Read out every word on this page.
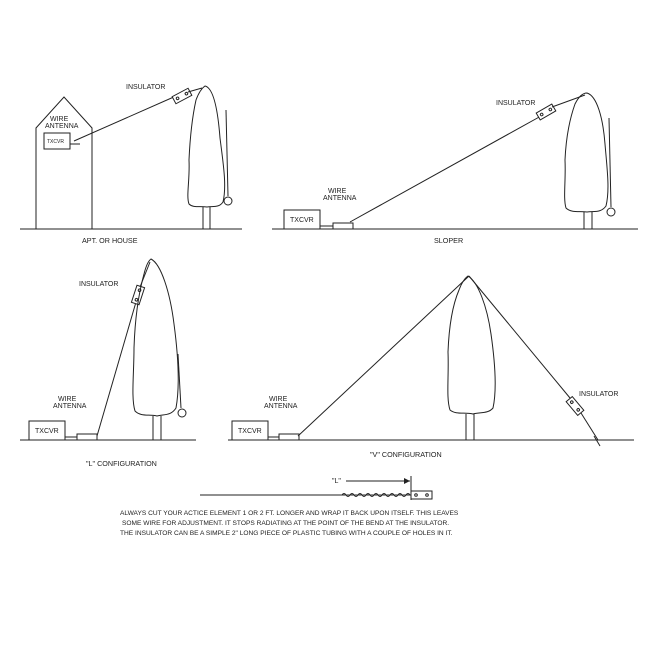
TXCVR
WIRE
ANTENNA
INSULATOR
APT. OR HOUSE
TXCVR
WIRE
ANTENNA
INSULATOR
SLOPER
TXCVR
WIRE
ANTENNA
INSULATOR
"L" CONFIGURATION
TXCVR
WIRE
ANTENNA
INSULATOR
"V" CONFIGURATION
"L"
ALWAYS CUT YOUR ACTICE ELEMENT 1 OR 2 FT. LONGER AND WRAP IT BACK UPON ITSELF. THIS LEAVES
SOME WIRE FOR ADJUSTMENT. IT STOPS RADIATING AT THE POINT OF THE BEND AT THE INSULATOR.
THE INSULATOR CAN BE A SIMPLE 2" LONG PIECE OF PLASTIC TUBING WITH A COUPLE OF HOLES IN IT.
